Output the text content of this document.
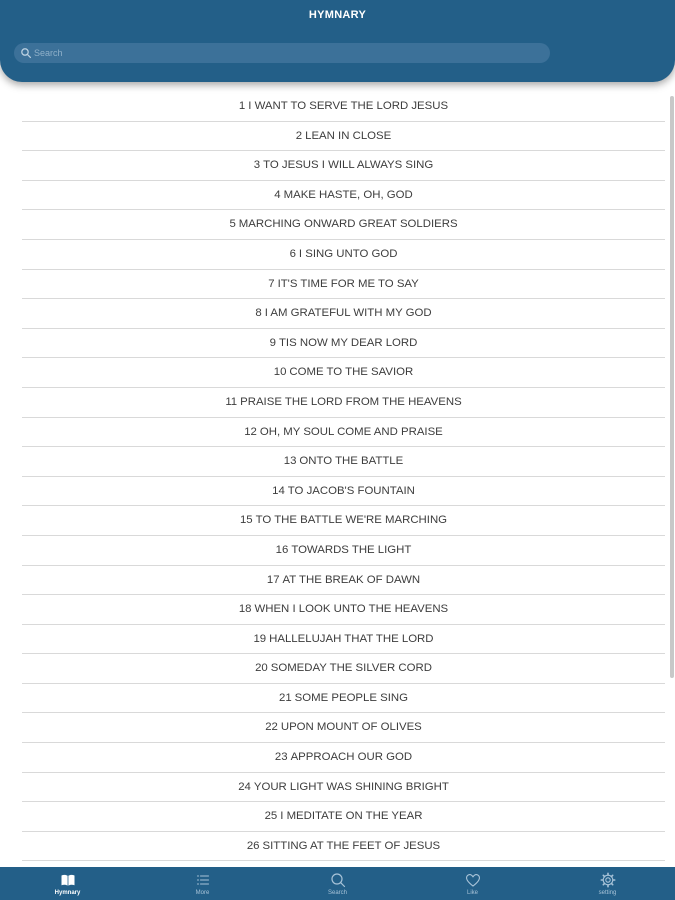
HYMNARY
Search
1 I WANT TO SERVE THE LORD JESUS
2 LEAN IN CLOSE
3 TO JESUS I WILL ALWAYS SING
4 MAKE HASTE, OH, GOD
5 MARCHING ONWARD GREAT SOLDIERS
6 I SING UNTO GOD
7 IT'S TIME FOR ME TO SAY
8 I AM GRATEFUL WITH MY GOD
9 TIS NOW MY DEAR LORD
10 COME TO THE SAVIOR
11 PRAISE THE LORD FROM THE HEAVENS
12 OH, MY SOUL COME AND PRAISE
13 ONTO THE BATTLE
14 TO JACOB'S FOUNTAIN
15 TO THE BATTLE WE'RE MARCHING
16 TOWARDS THE LIGHT
17 AT THE BREAK OF DAWN
18 WHEN I LOOK UNTO THE HEAVENS
19 HALLELUJAH THAT THE LORD
20 SOMEDAY THE SILVER CORD
21 SOME PEOPLE SING
22 UPON MOUNT OF OLIVES
23 APPROACH OUR GOD
24 YOUR LIGHT WAS SHINING BRIGHT
25 I MEDITATE ON THE YEAR
26 SITTING AT THE FEET OF JESUS
Hymnary	More	Search	Like	setting
